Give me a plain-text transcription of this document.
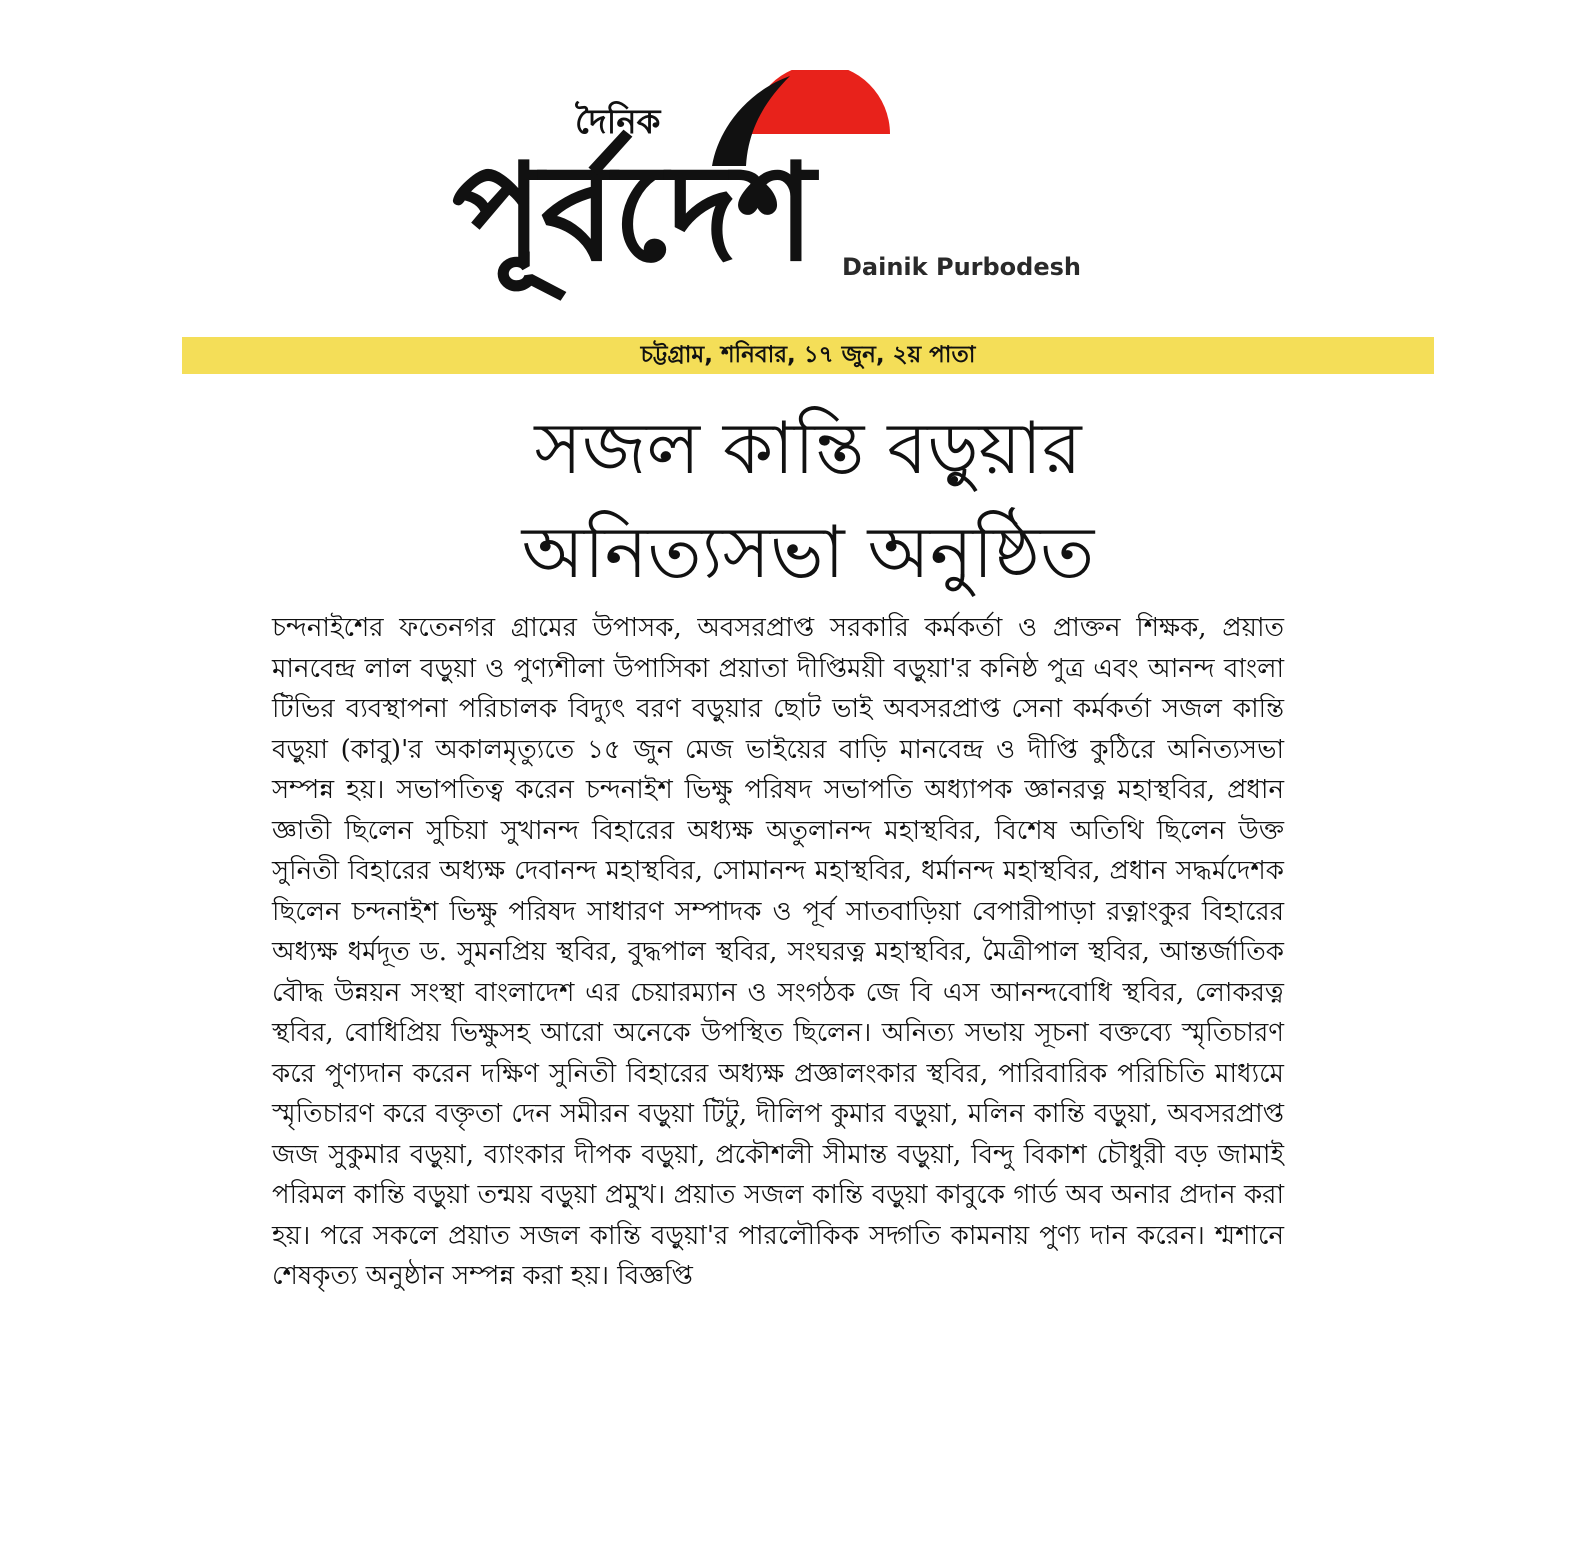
দৈনিক
পূর্বদেশ	Dainik Purbodesh
চট্টগ্রাম, শনিবার, ১৭ জুন, ২য় পাতা
সজল কান্তি বড়ুয়ার
অনিত্যসভা অনুষ্ঠিত

চন্দনাইশের ফতেনগর গ্রামের উপাসক, অবসরপ্রাপ্ত সরকারি কর্মকর্তা ও প্রাক্তন শিক্ষক, প্রয়াত মানবেন্দ্র লাল বড়ুয়া ও পুণ্যশীলা উপাসিকা প্রয়াতা দীপ্তিময়ী বড়ুয়া'র কনিষ্ঠ পুত্র এবং আনন্দ বাংলা টিভির ব্যবস্থাপনা পরিচালক বিদ্যুৎ বরণ বড়ুয়ার ছোট ভাই অবসরপ্রাপ্ত সেনা কর্মকর্তা সজল কান্তি বড়ুয়া (কাবু)'র অকালমৃত্যুতে ১৫ জুন মেজ ভাইয়ের বাড়ি মানবেন্দ্র ও দীপ্তি কুঠিরে অনিত্যসভা সম্পন্ন হয়। সভাপতিত্ব করেন চন্দনাইশ ভিক্ষু পরিষদ সভাপতি অধ্যাপক জ্ঞানরত্ন মহাস্থবির, প্রধান জ্ঞাতী ছিলেন সুচিয়া সুখানন্দ বিহারের অধ্যক্ষ অতুলানন্দ মহাস্থবির, বিশেষ অতিথি ছিলেন উক্ত সুনিতী বিহারের অধ্যক্ষ দেবানন্দ মহাস্থবির, সোমানন্দ মহাস্থবির, ধর্মানন্দ মহাস্থবির, প্রধান সদ্ধর্মদেশক ছিলেন চন্দনাইশ ভিক্ষু পরিষদ সাধারণ সম্পাদক ও পূর্ব সাতবাড়িয়া বেপারীপাড়া রত্নাংকুর বিহারের অধ্যক্ষ ধর্মদূত ড. সুমনপ্রিয় স্থবির, বুদ্ধপাল স্থবির, সংঘরত্ন মহাস্থবির, মৈত্রীপাল স্থবির, আন্তর্জাতিক বৌদ্ধ উন্নয়ন সংস্থা বাংলাদেশ এর চেয়ারম্যান ও সংগঠক জে বি এস আনন্দবোধি স্থবির, লোকরত্ন স্থবির, বোধিপ্রিয় ভিক্ষুসহ আরো অনেকে উপস্থিত ছিলেন। অনিত্য সভায় সূচনা বক্তব্যে স্মৃতিচারণ করে পুণ্যদান করেন দক্ষিণ সুনিতী বিহারের অধ্যক্ষ প্রজ্ঞালংকার স্থবির, পারিবারিক পরিচিতি মাধ্যমে স্মৃতিচারণ করে বক্তৃতা দেন সমীরন বড়ুয়া টিটু, দীলিপ কুমার বড়ুয়া, মলিন কান্তি বড়ুয়া, অবসরপ্রাপ্ত জজ সুকুমার বড়ুয়া, ব্যাংকার দীপক বড়ুয়া, প্রকৌশলী সীমান্ত বড়ুয়া, বিন্দু বিকাশ চৌধুরী বড় জামাই পরিমল কান্তি বড়ুয়া তন্ময় বড়ুয়া প্রমুখ। প্রয়াত সজল কান্তি বড়ুয়া কাবুকে গার্ড অব অনার প্রদান করা হয়। পরে সকলে প্রয়াত সজল কান্তি বড়ুয়া'র পারলৌকিক সদ্গতি কামনায় পুণ্য দান করেন। শ্মশানে শেষকৃত্য অনুষ্ঠান সম্পন্ন করা হয়। বিজ্ঞপ্তি
